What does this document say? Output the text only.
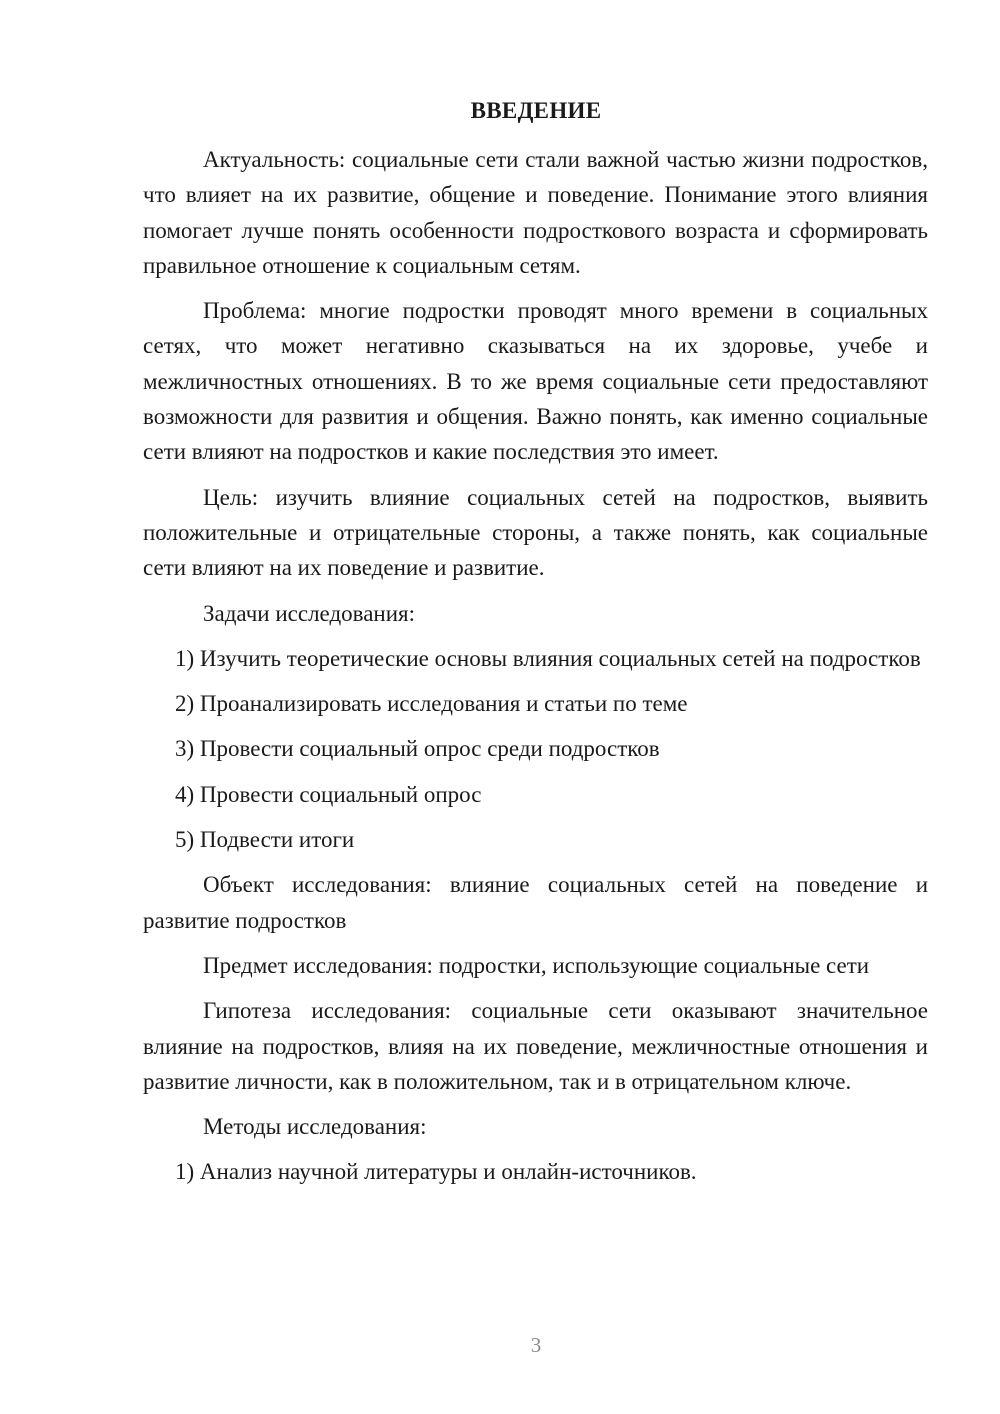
ВВЕДЕНИЕ

Актуальность: социальные сети стали важной частью жизни подростков, что влияет на их развитие, общение и поведение. Понимание этого влияния помогает лучше понять особенности подросткового возраста и сформировать правильное отношение к социальным сетям.

Проблема: многие подростки проводят много времени в социальных сетях, что может негативно сказываться на их здоровье, учебе и межличностных отношениях. В то же время социальные сети предоставляют возможности для развития и общения. Важно понять, как именно социальные сети влияют на подростков и какие последствия это имеет.

Цель: изучить влияние социальных сетей на подростков, выявить положительные и отрицательные стороны, а также понять, как социальные сети влияют на их поведение и развитие.

Задачи исследования:

1) Изучить теоретические основы влияния социальных сетей на подростков

2) Проанализировать исследования и статьи по теме

3) Провести социальный опрос среди подростков

4) Провести социальный опрос

5) Подвести итоги

Объект исследования: влияние социальных сетей на поведение и развитие подростков

Предмет исследования: подростки, использующие социальные сети

Гипотеза исследования: социальные сети оказывают значительное влияние на подростков, влияя на их поведение, межличностные отношения и развитие личности, как в положительном, так и в отрицательном ключе.

Методы исследования:

1) Анализ научной литературы и онлайн-источников.

3
